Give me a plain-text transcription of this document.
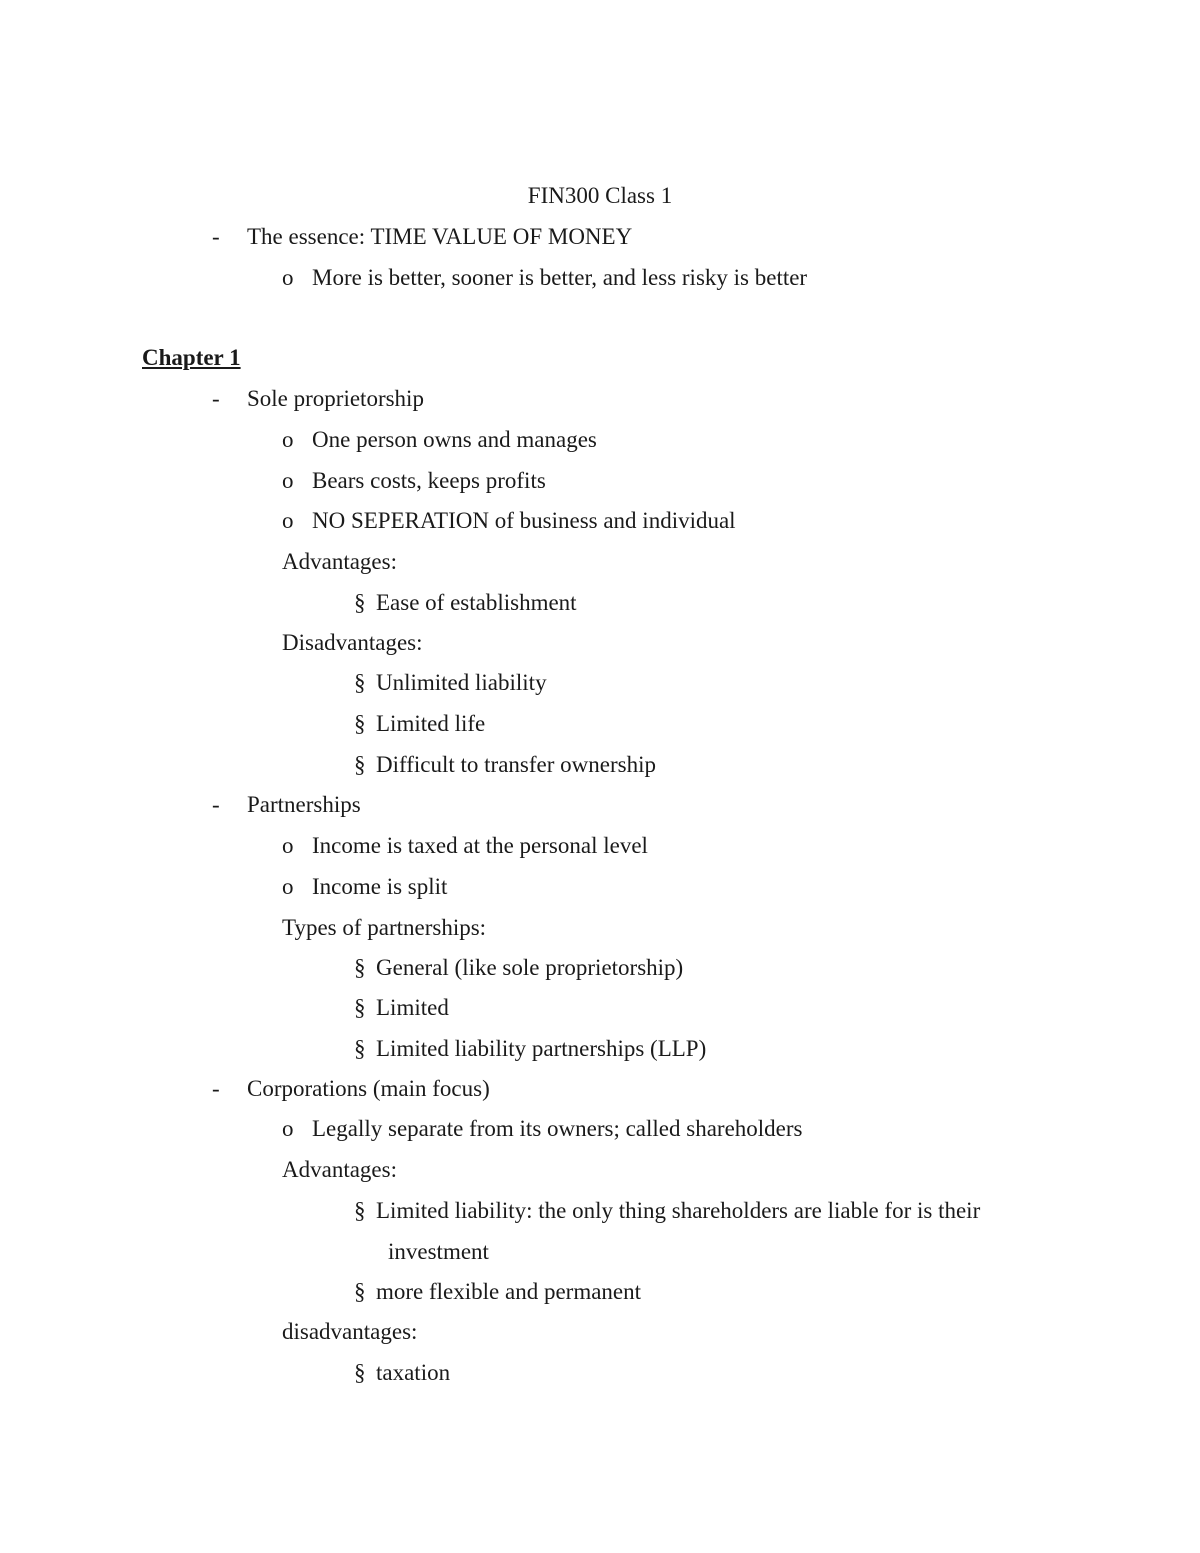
FIN300 Class 1
- The essence: TIME VALUE OF MONEY
o More is better, sooner is better, and less risky is better
Chapter 1
- Sole proprietorship
o One person owns and manages
o Bears costs, keeps profits
o NO SEPERATION of business and individual
Advantages:
§ Ease of establishment
Disadvantages:
§ Unlimited liability
§ Limited life
§ Difficult to transfer ownership
- Partnerships
o Income is taxed at the personal level
o Income is split
Types of partnerships:
§ General (like sole proprietorship)
§ Limited
§ Limited liability partnerships (LLP)
- Corporations (main focus)
o Legally separate from its owners; called shareholders
Advantages:
§ Limited liability: the only thing shareholders are liable for is their
investment
§ more flexible and permanent
disadvantages:
§ taxation
